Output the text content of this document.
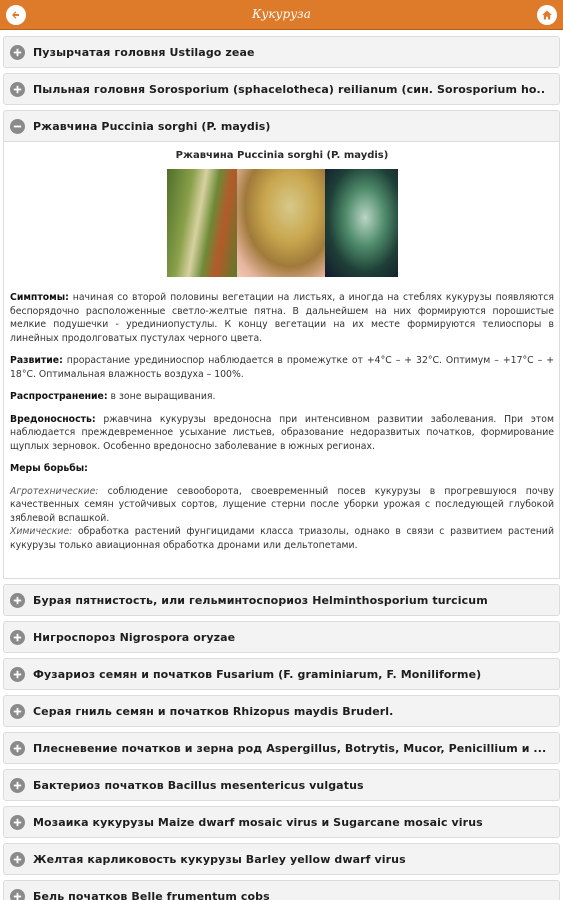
Кукуруза
Пузырчатая головня Ustilago zeae
Пыльная головня Sorosporium (sphacelotheca) reilianum (син. Sorosporium ho..
Ржавчина Puccinia sorghi (P. maydis)
Ржавчина Puccinia sorghi (P. maydis)

Симптомы: начиная со второй половины вегетации на листьях, а иногда на стеблях кукурузы появляются беспорядочно расположенные светло-желтые пятна. В дальнейшем на них формируются порошистые мелкие подушечки - урединиопустулы. К концу вегетации на их месте формируются телиоспоры в линейных продолговатых пустулах черного цвета.

Развитие: прорастание урединиоспор наблюдается в промежутке от +4°C – + 32°C. Оптимум – +17°C – + 18°C. Оптимальная влажность воздуха – 100%.

Распространение: в зоне выращивания.

Вредоносность: ржавчина кукурузы вредоносна при интенсивном развитии заболевания. При этом наблюдается преждевременное усыхание листьев, образование недоразвитых початков, формирование щуплых зерновок. Особенно вредоносно заболевание в южных регионах.

Меры борьбы:

Агротехнические: соблюдение севооборота, своевременный посев кукурузы в прогревшуюся почву качественных семян устойчивых сортов, лущение стерни после уборки урожая с последующей глубокой зяблевой вспашкой.

Химические: обработка растений фунгицидами класса триазолы, однако в связи с развитием растений кукурузы только авиационная обработка дронами или дельтопетами.

Бурая пятнистость, или гельминтоспориоз Helminthosporium turcicum
Нигроспороз Nigrospora oryzae
Фузариоз семян и початков Fusarium (F. graminiarum, F. Moniliforme)
Серая гниль семян и початков Rhizopus maydis Bruderl.
Плесневение початков и зерна род Aspergillus, Botrytis, Mucor, Penicillium и ...
Бактериоз початков Bacillus mesentericus vulgatus
Мозаика кукурузы Maize dwarf mosaic virus и Sugarcane mosaic virus
Желтая карликовость кукурузы Barley yellow dwarf virus
Бель початков Belle frumentum cobs
